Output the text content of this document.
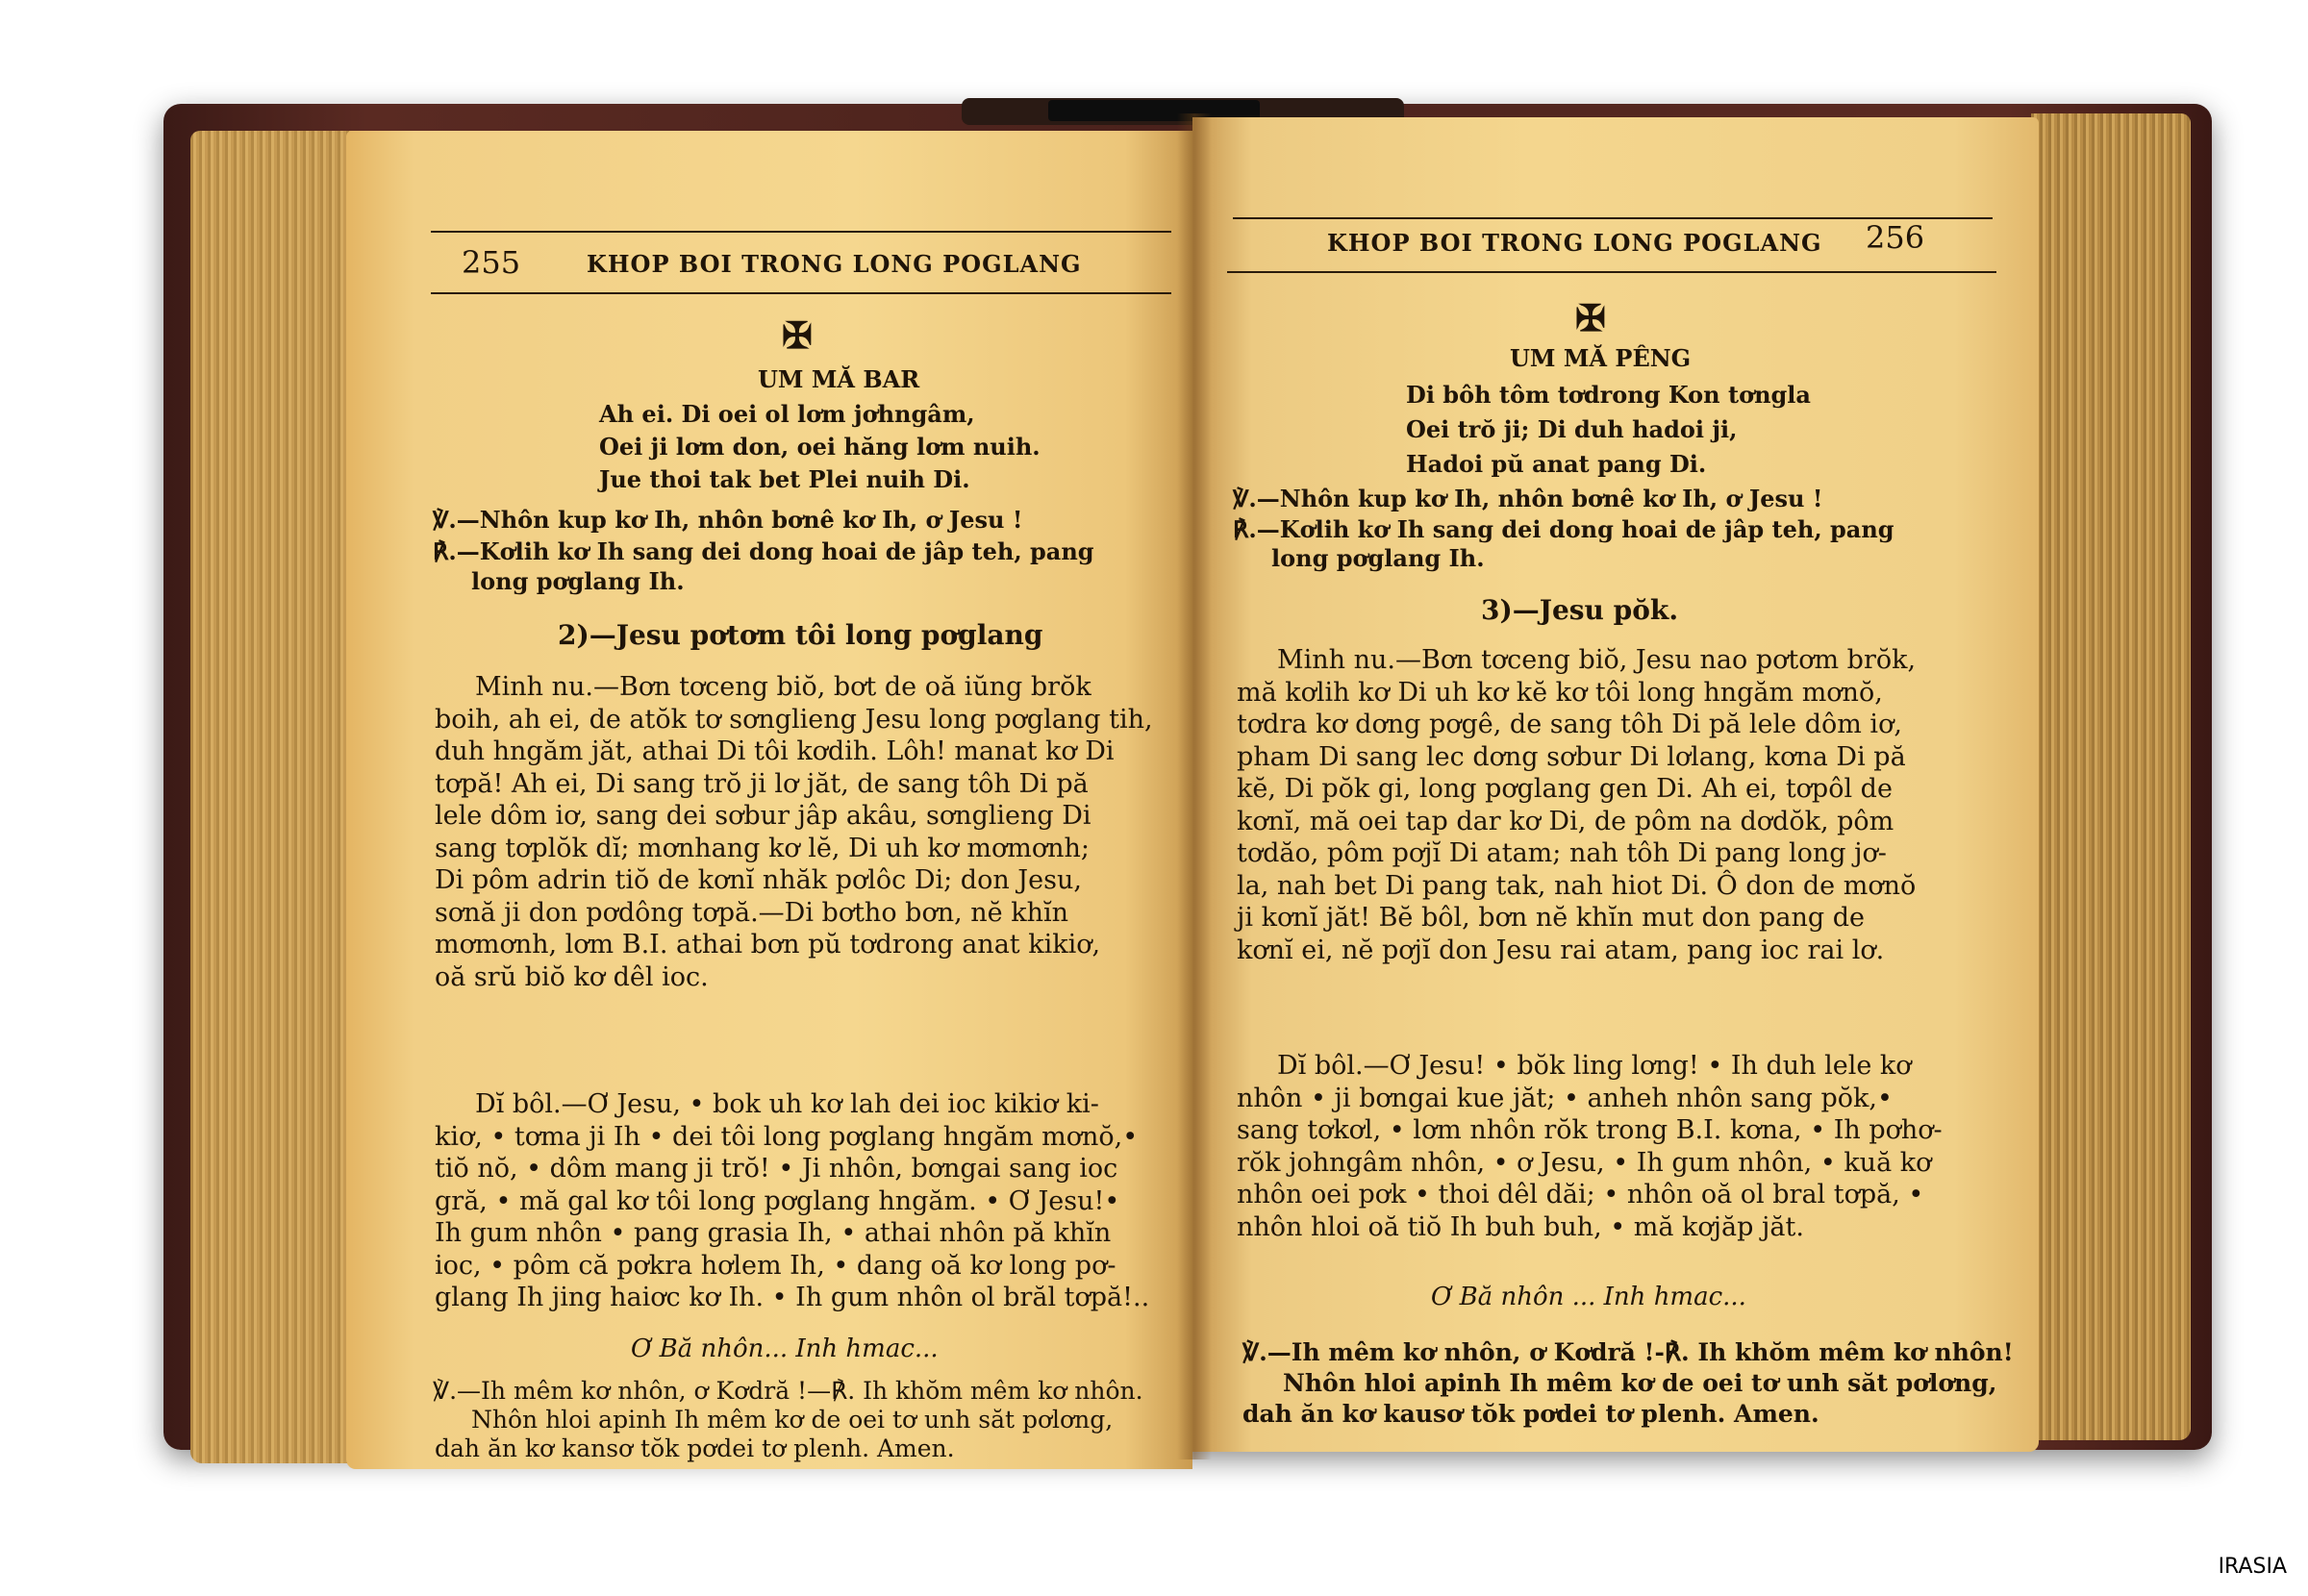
255	KHOP BOI TRONG LONG POGLANG
✠
UM MĂ BAR
Ah ei. Di oei ol lơm jơhngâm,
Oei ji lơm don, oei hăng lơm nuih.
Jue thoi tak bet Plei nuih Di.
℣.—Nhôn kup kơ Ih, nhôn bơnê kơ Ih, ơ Jesu !
℟.—Kơlih kơ Ih sang dei dong hoai de jâp teh, pang
long pơglang Ih.
2)—Jesu pơtơm tôi long pơglang
Minh nu.—Bơn tơceng biŏ, bơt de oă iŭng brŏk
boih, ah ei, de atŏk tơ sơnglieng Jesu long pơglang tih,
duh hngăm jăt, athai Di tôi kơdih. Lôh! manat kơ Di
tơpă! Ah ei, Di sang trŏ ji lơ jăt, de sang tôh Di pă
lele dôm iơ, sang dei sơbur jâp akâu, sơnglieng Di
sang tơplŏk dĭ; mơnhang kơ lĕ, Di uh kơ mơmơnh;
Di pôm adrin tiŏ de kơnĭ nhăk pơlôc Di; don Jesu,
sơnă ji don pơdông tơpă.—Di bơtho bơn, nĕ khĭn
mơmơnh, lơm B.I. athai bơn pŭ tơdrong anat kikiơ,
oă srŭ biŏ kơ dêl ioc.
Dĭ bôl.—Ơ Jesu, • bok uh kơ lah dei ioc kikiơ ki-
kiơ, • tơma ji Ih • dei tôi long pơglang hngăm mơnŏ,•
tiŏ nŏ, • dôm mang ji trŏ! • Ji nhôn, bơngai sang ioc
gră, • mă gal kơ tôi long pơglang hngăm. • Ơ Jesu!•
Ih gum nhôn • pang grasia Ih, • athai nhôn pă khĭn
ioc, • pôm că pơkra hơlem Ih, • dang oă kơ long pơ-
glang Ih jing haiơc kơ Ih. • Ih gum nhôn ol brăl tơpă!..
Ơ Bă nhôn... Inh hmac...
℣.—Ih mêm kơ nhôn, ơ Kơdră !—℟. Ih khŏm mêm kơ nhôn.
Nhôn hloi apinh Ih mêm kơ de oei tơ unh săt pơlơng,
dah ăn kơ kansơ tŏk pơdei tơ plenh. Amen.
KHOP BOI TRONG LONG POGLANG 256
✠
UM MĂ PÊNG
Di bôh tôm tơdrong Kon tơngla
Oei trŏ ji; Di duh hadoi ji,
Hadoi pŭ anat pang Di.
℣.—Nhôn kup kơ Ih, nhôn bơnê kơ Ih, ơ Jesu !
℟.—Kơlih kơ Ih sang dei dong hoai de jâp teh, pang
long pơglang Ih.
3)—Jesu pŏk.
Minh nu.—Bơn tơceng biŏ, Jesu nao pơtơm brŏk,
mă kơlih kơ Di uh kơ kĕ kơ tôi long hngăm mơnŏ,
tơdra kơ dơng pơgê, de sang tôh Di pă lele dôm iơ,
pham Di sang lec dơng sơbur Di lơlang, kơna Di pă
kĕ, Di pŏk gi, long pơglang gen Di. Ah ei, tơpôl de
kơnĭ, mă oei tap dar kơ Di, de pôm na dơdŏk, pôm
tơdăo, pôm pơjĭ Di atam; nah tôh Di pang long jơ-
la, nah bet Di pang tak, nah hiot Di. Ô don de mơnŏ
ji kơnĭ jăt! Bĕ bôl, bơn nĕ khĭn mut don pang de
kơnĭ ei, nĕ pơjĭ don Jesu rai atam, pang ioc rai lơ.
Dĭ bôl.—Ơ Jesu! • bŏk ling lơng! • Ih duh lele kơ
nhôn • ji bơngai kue jăt; • anheh nhôn sang pŏk,•
sang tơkơl, • lơm nhôn rŏk trong B.I. kơna, • Ih pơhơ-
rŏk johngâm nhôn, • ơ Jesu, • Ih gum nhôn, • kuă kơ
nhôn oei pơk • thoi dêl dăi; • nhôn oă ol bral tơpă, •
nhôn hloi oă tiŏ Ih buh buh, • mă kơjăp jăt.
Ơ Bă nhôn ... Inh hmac...
℣.—Ih mêm kơ nhôn, ơ Kơdră !-℟. Ih khŏm mêm kơ nhôn!
Nhôn hloi apinh Ih mêm kơ de oei tơ unh săt pơlơng,
dah ăn kơ kausơ tŏk pơdei tơ plenh. Amen.
IRASIA
